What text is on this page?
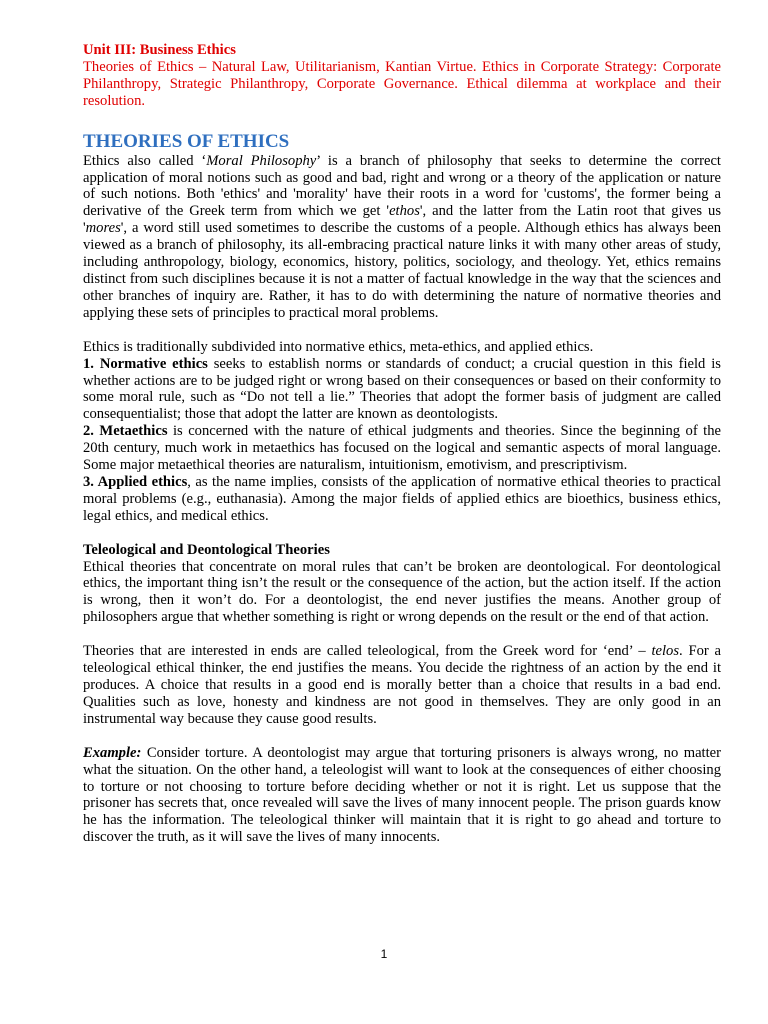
Unit III: Business Ethics

Theories of Ethics – Natural Law, Utilitarianism, Kantian Virtue. Ethics in Corporate Strategy: Corporate Philanthropy, Strategic Philanthropy, Corporate Governance. Ethical dilemma at workplace and their resolution.

THEORIES OF ETHICS

Ethics also called ‘Moral Philosophy’ is a branch of philosophy that seeks to determine the correct application of moral notions such as good and bad, right and wrong or a theory of the application or nature of such notions. Both 'ethics' and 'morality' have their roots in a word for 'customs', the former being a derivative of the Greek term from which we get 'ethos', and the latter from the Latin root that gives us 'mores', a word still used sometimes to describe the customs of a people. Although ethics has always been viewed as a branch of philosophy, its all-embracing practical nature links it with many other areas of study, including anthropology, biology, economics, history, politics, sociology, and theology. Yet, ethics remains distinct from such disciplines because it is not a matter of factual knowledge in the way that the sciences and other branches of inquiry are. Rather, it has to do with determining the nature of normative theories and applying these sets of principles to practical moral problems.

Ethics is traditionally subdivided into normative ethics, meta-ethics, and applied ethics.

1. Normative ethics seeks to establish norms or standards of conduct; a crucial question in this field is whether actions are to be judged right or wrong based on their consequences or based on their conformity to some moral rule, such as “Do not tell a lie.” Theories that adopt the former basis of judgment are called consequentialist; those that adopt the latter are known as deontologists.

2. Metaethics is concerned with the nature of ethical judgments and theories. Since the beginning of the 20th century, much work in metaethics has focused on the logical and semantic aspects of moral language. Some major metaethical theories are naturalism, intuitionism, emotivism, and prescriptivism.

3. Applied ethics, as the name implies, consists of the application of normative ethical theories to practical moral problems (e.g., euthanasia). Among the major fields of applied ethics are bioethics, business ethics, legal ethics, and medical ethics.

Teleological and Deontological Theories

Ethical theories that concentrate on moral rules that can’t be broken are deontological. For deontological ethics, the important thing isn’t the result or the consequence of the action, but the action itself. If the action is wrong, then it won’t do. For a deontologist, the end never justifies the means. Another group of philosophers argue that whether something is right or wrong depends on the result or the end of that action.

Theories that are interested in ends are called teleological, from the Greek word for ‘end’ – telos. For a teleological ethical thinker, the end justifies the means. You decide the rightness of an action by the end it produces. A choice that results in a good end is morally better than a choice that results in a bad end. Qualities such as love, honesty and kindness are not good in themselves. They are only good in an instrumental way because they cause good results.

Example: Consider torture. A deontologist may argue that torturing prisoners is always wrong, no matter what the situation. On the other hand, a teleologist will want to look at the consequences of either choosing to torture or not choosing to torture before deciding whether or not it is right. Let us suppose that the prisoner has secrets that, once revealed will save the lives of many innocent people. The prison guards know he has the information. The teleological thinker will maintain that it is right to go ahead and torture to discover the truth, as it will save the lives of many innocents.

1
